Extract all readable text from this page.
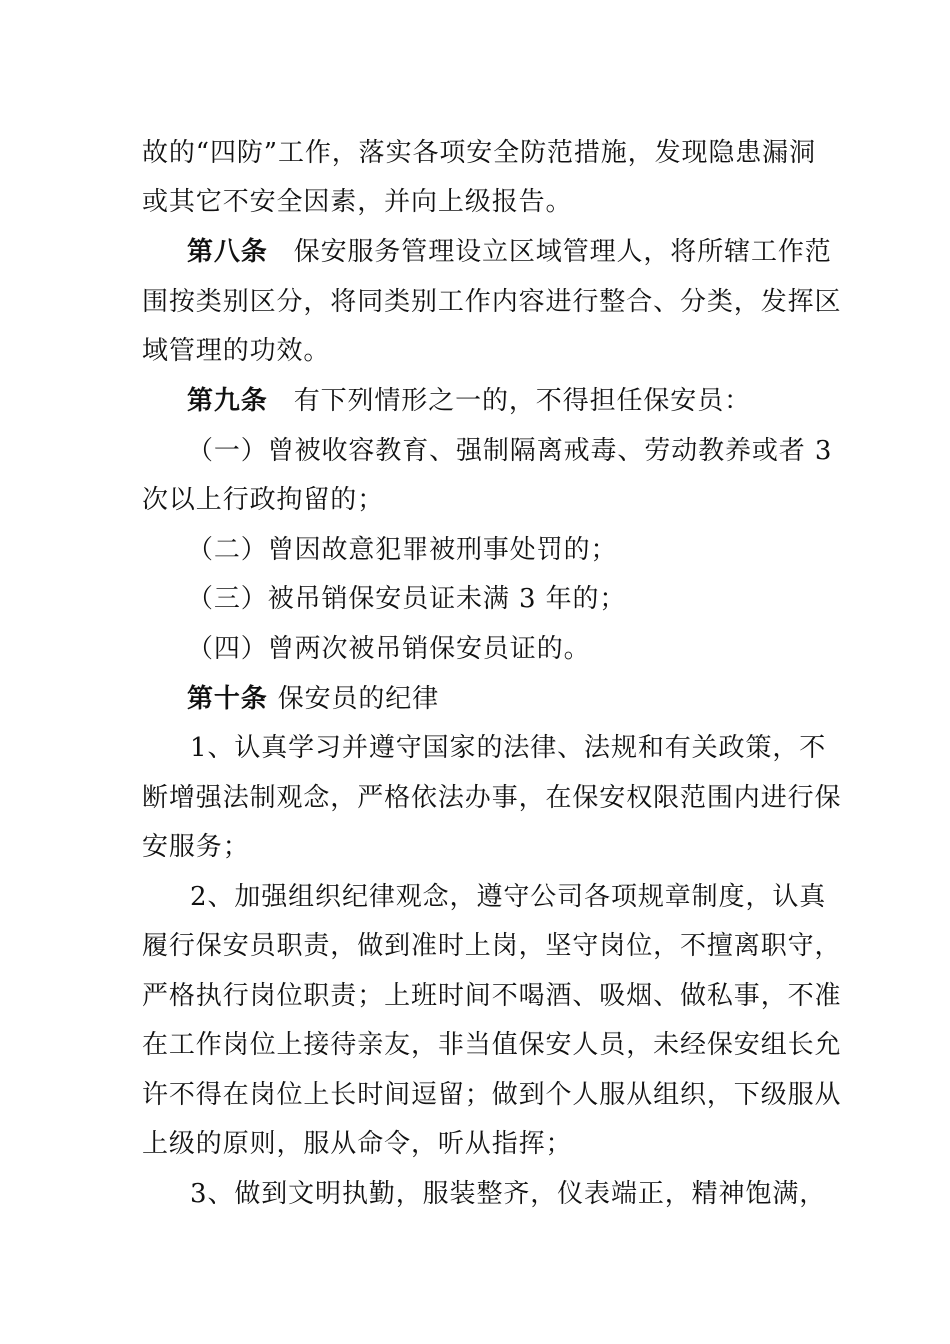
故的“四防”工作，落实各项安全防范措施，发现隐患漏洞
或其它不安全因素，并向上级报告。
第八条 保安服务管理设立区域管理人，将所辖工作范
围按类别区分，将同类别工作内容进行整合、分类，发挥区
域管理的功效。
第九条 有下列情形之一的，不得担任保安员：
（一）曾被收容教育、强制隔离戒毒、劳动教养或者 3
次以上行政拘留的；
（二）曾因故意犯罪被刑事处罚的；
（三）被吊销保安员证未满 3 年的；
（四）曾两次被吊销保安员证的。
第十条 保安员的纪律
1、认真学习并遵守国家的法律、法规和有关政策，不
断增强法制观念，严格依法办事，在保安权限范围内进行保
安服务；
2、加强组织纪律观念，遵守公司各项规章制度，认真
履行保安员职责，做到准时上岗，坚守岗位，不擅离职守，
严格执行岗位职责；上班时间不喝酒、吸烟、做私事，不准
在工作岗位上接待亲友，非当值保安人员，未经保安组长允
许不得在岗位上长时间逗留；做到个人服从组织，下级服从
上级的原则，服从命令，听从指挥；
3、做到文明执勤，服装整齐，仪表端正，精神饱满，
